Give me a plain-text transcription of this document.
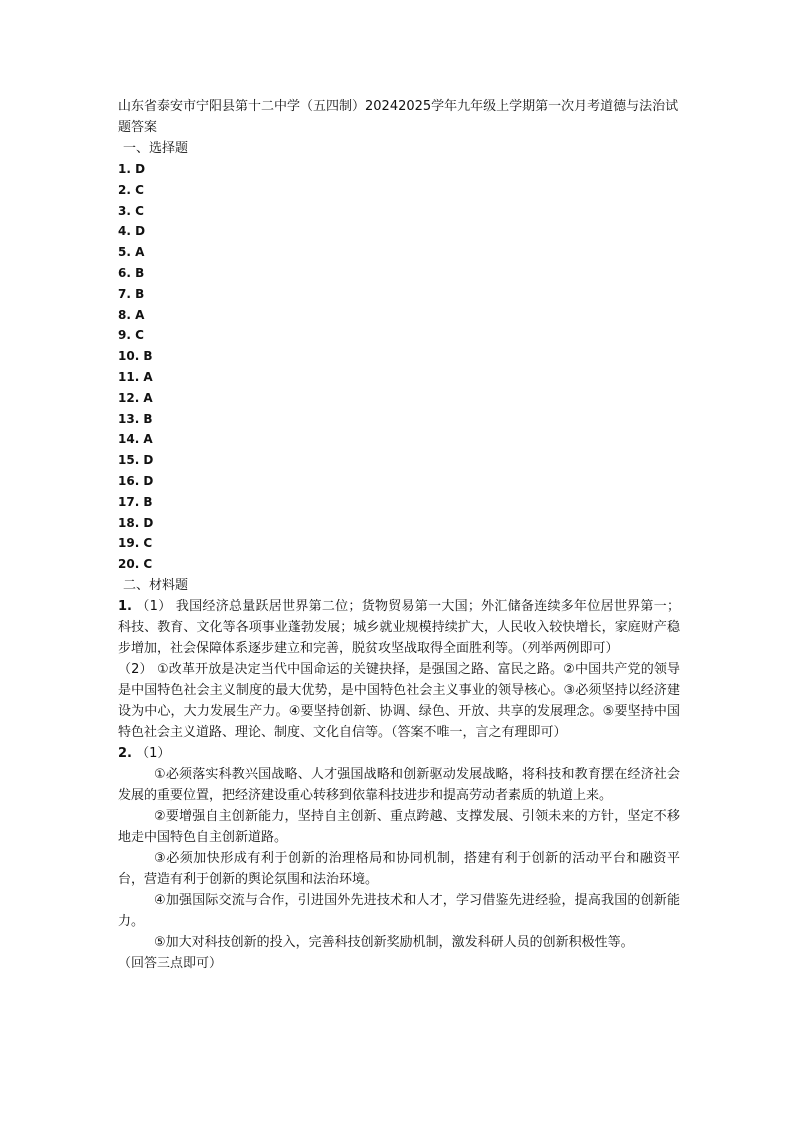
山东省泰安市宁阳县第十二中学（五四制）20242025学年九年级上学期第一次月考道德与法治试题答案

一、选择题

1. D
2. C
3. C
4. D
5. A
6. B
7. B
8. A
9. C
10. B
11. A
12. A
13. B
14. A
15. D
16. D
17. B
18. D
19. C
20. C

二、材料题

1. （1） 我国经济总量跃居世界第二位；货物贸易第一大国；外汇储备连续多年位居世界第一；科技、教育、文化等各项事业蓬勃发展；城乡就业规模持续扩大，人民收入较快增长，家庭财产稳步增加，社会保障体系逐步建立和完善，脱贫攻坚战取得全面胜利等。（列举两例即可）

（2） ①改革开放是决定当代中国命运的关键抉择，是强国之路、富民之路。②中国共产党的领导是中国特色社会主义制度的最大优势，是中国特色社会主义事业的领导核心。③必须坚持以经济建设为中心，大力发展生产力。④要坚持创新、协调、绿色、开放、共享的发展理念。⑤要坚持中国特色社会主义道路、理论、制度、文化自信等。（答案不唯一，言之有理即可）

2. （1）

①必须落实科教兴国战略、人才强国战略和创新驱动发展战略，将科技和教育摆在经济社会发展的重要位置，把经济建设重心转移到依靠科技进步和提高劳动者素质的轨道上来。

②要增强自主创新能力，坚持自主创新、重点跨越、支撑发展、引领未来的方针，坚定不移地走中国特色自主创新道路。

③必须加快形成有利于创新的治理格局和协同机制，搭建有利于创新的活动平台和融资平台，营造有利于创新的舆论氛围和法治环境。

④加强国际交流与合作，引进国外先进技术和人才，学习借鉴先进经验，提高我国的创新能力。

⑤加大对科技创新的投入，完善科技创新奖励机制，激发科研人员的创新积极性等。

（回答三点即可）
